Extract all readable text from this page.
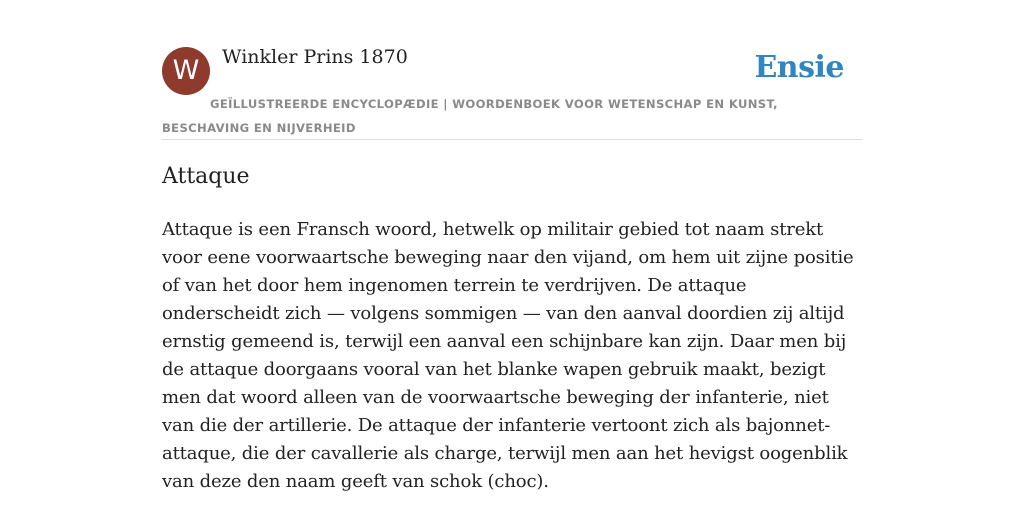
W	Winkler Prins 1870	Ensie
GEÏLLUSTREERDE ENCYCLOPÆDIE | WOORDENBOEK VOOR WETENSCHAP EN KUNST, BESCHAVING EN NIJVERHEID
Attaque

Attaque is een Fransch woord, hetwelk op militair gebied tot naam strekt voor eene voorwaartsche beweging naar den vijand, om hem uit zijne positie of van het door hem ingenomen terrein te verdrijven. De attaque onderscheidt zich — volgens sommigen — van den aanval doordien zij altijd ernstig gemeend is, terwijl een aanval een schijnbare kan zijn. Daar men bij de attaque doorgaans vooral van het blanke wapen gebruik maakt, bezigt men dat woord alleen van de voorwaartsche beweging der infanterie, niet van die der artillerie. De attaque der infanterie vertoont zich als bajonnet-attaque, die der cavallerie als charge, terwijl men aan het hevigst oogenblik van deze den naam geeft van schok (choc).
